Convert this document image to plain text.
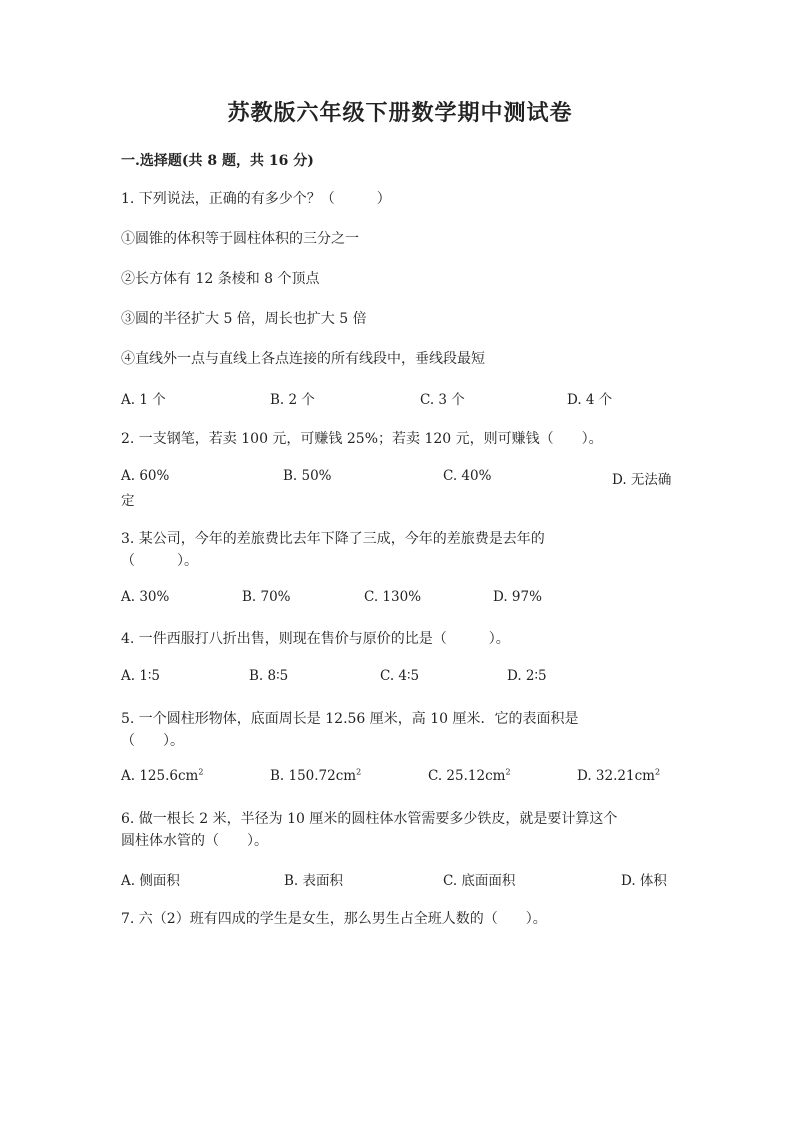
苏教版六年级下册数学期中测试卷
一.选择题(共 8 题，共 16 分)
1. 下列说法，正确的有多少个？（　　　）
①圆锥的体积等于圆柱体积的三分之一
②长方体有 12 条棱和 8 个顶点
③圆的半径扩大 5 倍，周长也扩大 5 倍
④直线外一点与直线上各点连接的所有线段中，垂线段最短
A. 1 个	B. 2 个	C. 3 个	D. 4 个
2. 一支钢笔，若卖 100 元，可赚钱 25%；若卖 120 元，则可赚钱（　　）。
A. 60%	B. 50%	C. 40%	D. 无法确
定
3. 某公司，今年的差旅费比去年下降了三成，今年的差旅费是去年的
（　　　）。
A. 30%	B. 70%	C. 130%	D. 97%
4. 一件西服打八折出售，则现在售价与原价的比是（　　　）。
A. 1∶5	B. 8∶5	C. 4∶5	D. 2∶5
5. 一个圆柱形物体，底面周长是 12.56 厘米，高 10 厘米．它的表面积是
（　　）。
A. $125.6cm^2$	B. $150.72cm^2$	C. $25.12cm^2$	D. $32.21cm^2$
6. 做一根长 2 米，半径为 10 厘米的圆柱体水管需要多少铁皮，就是要计算这个
圆柱体水管的（　　）。
A. 侧面积	B. 表面积	C. 底面面积	D. 体积
7. 六（2）班有四成的学生是女生，那么男生占全班人数的（　　）。
